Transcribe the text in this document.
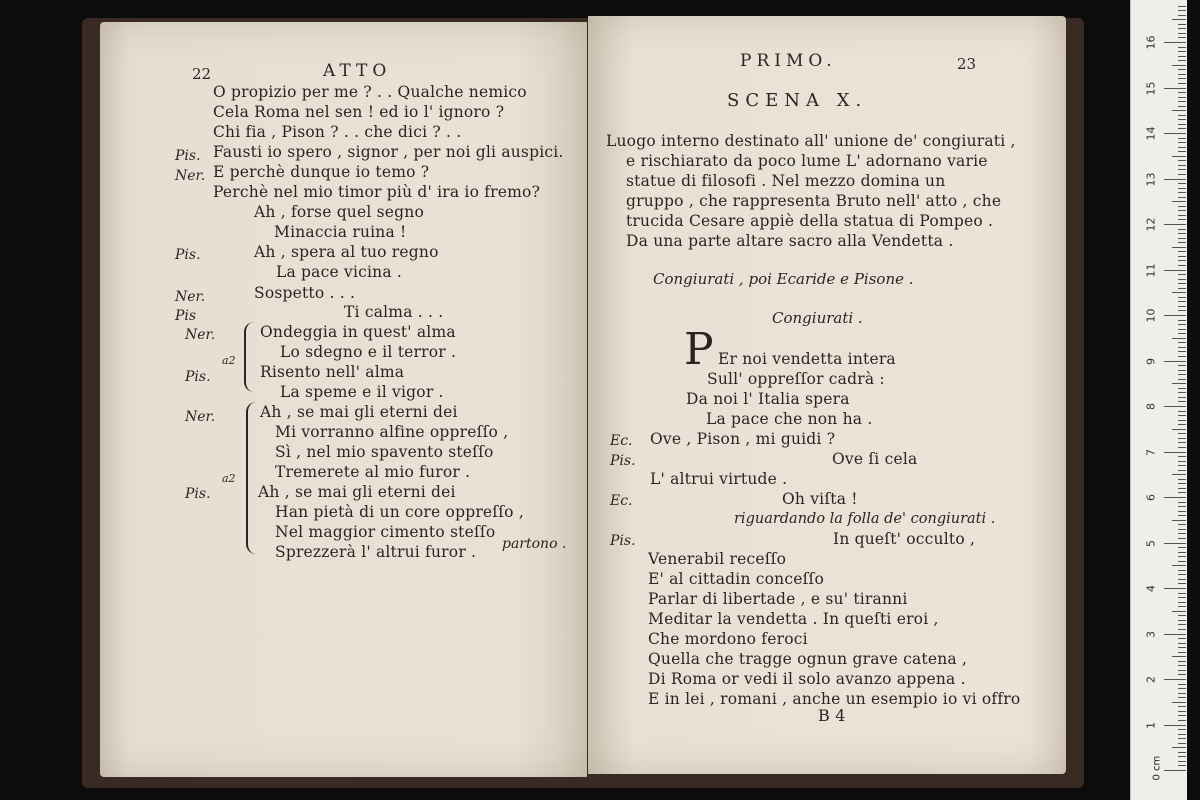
22	ATTO
O propizio per me ? . . Qualche nemico
Cela Roma nel sen ! ed io l' ignoro ?
Chi fia , Pison ? . . che dici ? . .
Pis. Fausti io spero , signor , per noi gli auspici.
Ner. E perchè dunque io temo ?
Perchè nel mio timor più d' ira io fremo?
Ah , forse quel segno
Minaccia ruina !
Pis.	Ah , spera al tuo regno
La pace vicina .
Ner.	Sospetto . . .
Pis	Ti calma . . .
Ner.	Ondeggia in quest' alma
Lo sdegno e il terror .
Pis.	Risento nell' alma
La speme e il vigor .
Ner.	Ah , se mai gli eterni dei
Mi vorranno alfine oppreſſo ,
Sì , nel mio spavento steſſo
Tremerete al mio furor .
Pis.	Ah , se mai gli eterni dei
Han pietà di un core oppreſſo ,
Nel maggior cimento steſſo
Sprezzerà l' altrui furor .
a2
a2
partono .
PRIMO.	23
SCENA X.
Luogo interno destinato all' unione de' congiurati ,
e rischiarato da poco lume L' adornano varie
statue di filosofi . Nel mezzo domina un
gruppo , che rappresenta Bruto nell' atto , che
trucida Cesare appiè della statua di Pompeo .
Da una parte altare sacro alla Vendetta .
Congiurati , poi Ecaride e Pisone .
Congiurati .
P Er noi vendetta intera
Sull' oppreſſor cadrà :
Da noi l' Italia spera
La pace che non ha .
Ec. Ove , Pison , mi guidi ?
Pis.	Ove ſi cela
L' altrui virtude .
Ec.	Oh viſta !
riguardando la folla de' congiurati .
Pis.	In queſt' occulto ,
Venerabil receſſo
E' al cittadin conceſſo
Parlar di libertade , e su' tiranni
Meditar la vendetta . In queſti eroi ,
Che mordono feroci
Quella che tragge ognun grave catena ,
Di Roma or vedi il solo avanzo appena .
E in lei , romani , anche un esempio io vi offro
B 4
0 cm
1
2
3
4
5
6
7
8
9
10
11
12
13
14
15
16
